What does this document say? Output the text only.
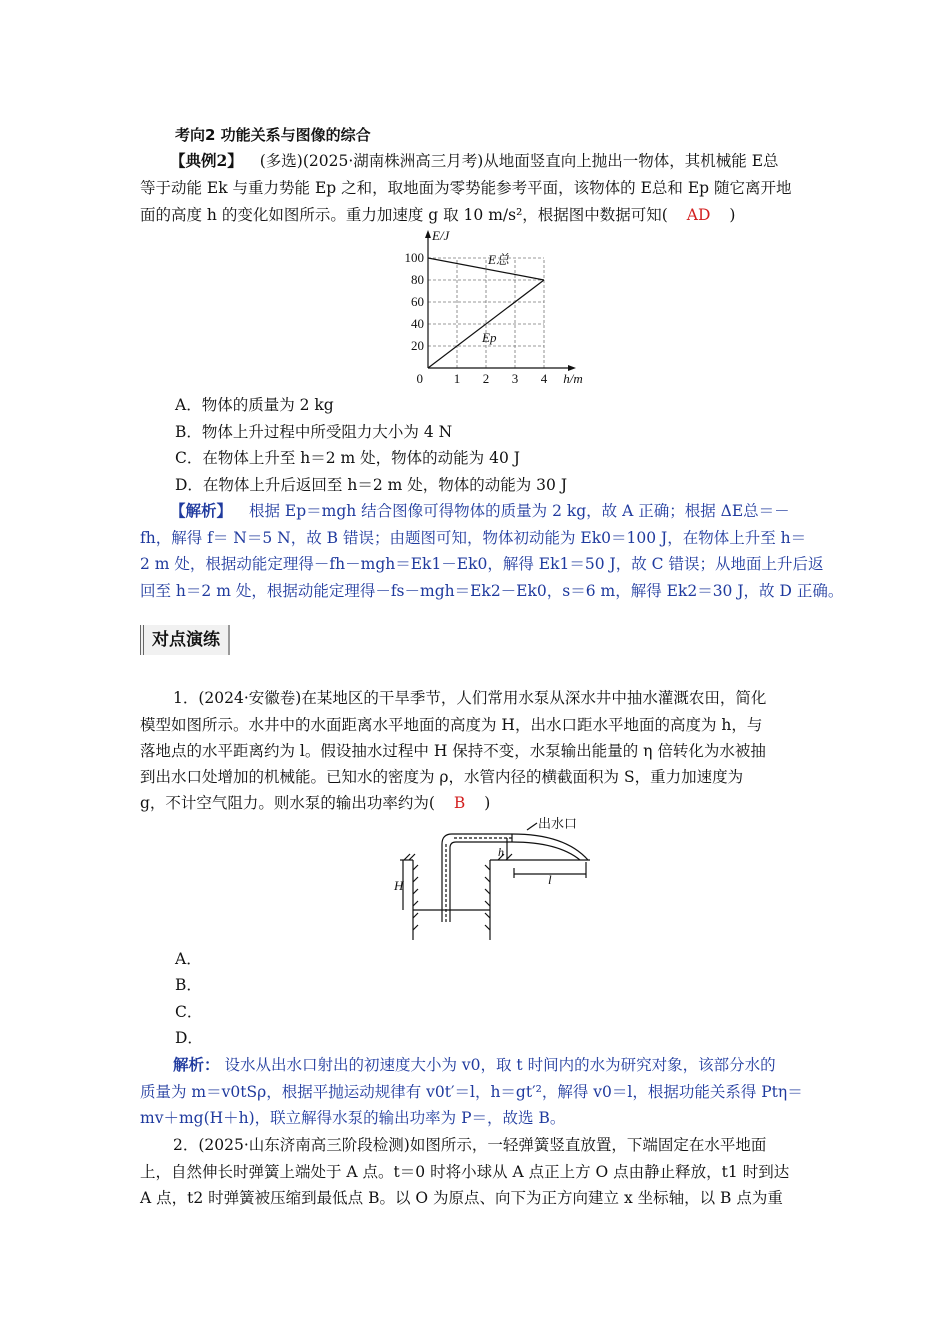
考向2 功能关系与图像的综合
【典例2】 (多选)(2025·湖南株洲高三月考)从地面竖直向上抛出一物体，其机械能 E总
等于动能 Ek 与重力势能 Ep 之和，取地面为零势能参考平面，该物体的 E总和 Ep 随它离开地
面的高度 h 的变化如图所示。重力加速度 g 取 10 m/s²，根据图中数据可知( AD )
0 1 2 3 4
20
40
60
80
100
h/m
E/J
E总
Ep
A．物体的质量为 2 kg
B．物体上升过程中所受阻力大小为 4 N
C．在物体上升至 h＝2 m 处，物体的动能为 40 J
D．在物体上升后返回至 h＝2 m 处，物体的动能为 30 J
【解析】 根据 Ep＝mgh 结合图像可得物体的质量为 2 kg，故 A 正确；根据 ΔE总＝－
fh，解得 f＝ N＝5 N，故 B 错误；由题图可知，物体初动能为 Ek0＝100 J，在物体上升至 h＝
2 m 处，根据动能定理得－fh－mgh＝Ek1－Ek0，解得 Ek1＝50 J，故 C 错误；从地面上升后返
回至 h＝2 m 处，根据动能定理得－fs－mgh＝Ek2－Ek0，s＝6 m，解得 Ek2＝30 J，故 D 正确。
对点演练
1．(2024·安徽卷)在某地区的干旱季节，人们常用水泵从深水井中抽水灌溉农田，简化
模型如图所示。水井中的水面距离水平地面的高度为 H，出水口距水平地面的高度为 h，与
落地点的水平距离约为 l。假设抽水过程中 H 保持不变，水泵输出能量的 η 倍转化为水被抽
到出水口处增加的机械能。已知水的密度为 ρ，水管内径的横截面积为 S，重力加速度为
g，不计空气阻力。则水泵的输出功率约为( B )
出水口
H
h
l
A．
B．
C．
D．
解析： 设水从出水口射出的初速度大小为 v0，取 t 时间内的水为研究对象，该部分水的
质量为 m＝v0tSρ，根据平抛运动规律有 v0t′＝l，h＝gt′²，解得 v0＝l，根据功能关系得 Ptη＝
mv＋mg(H＋h)，联立解得水泵的输出功率为 P＝，故选 B。
2．(2025·山东济南高三阶段检测)如图所示，一轻弹簧竖直放置，下端固定在水平地面
上，自然伸长时弹簧上端处于 A 点。t＝0 时将小球从 A 点正上方 O 点由静止释放，t1 时到达
A 点，t2 时弹簧被压缩到最低点 B。以 O 为原点、向下为正方向建立 x 坐标轴，以 B 点为重
